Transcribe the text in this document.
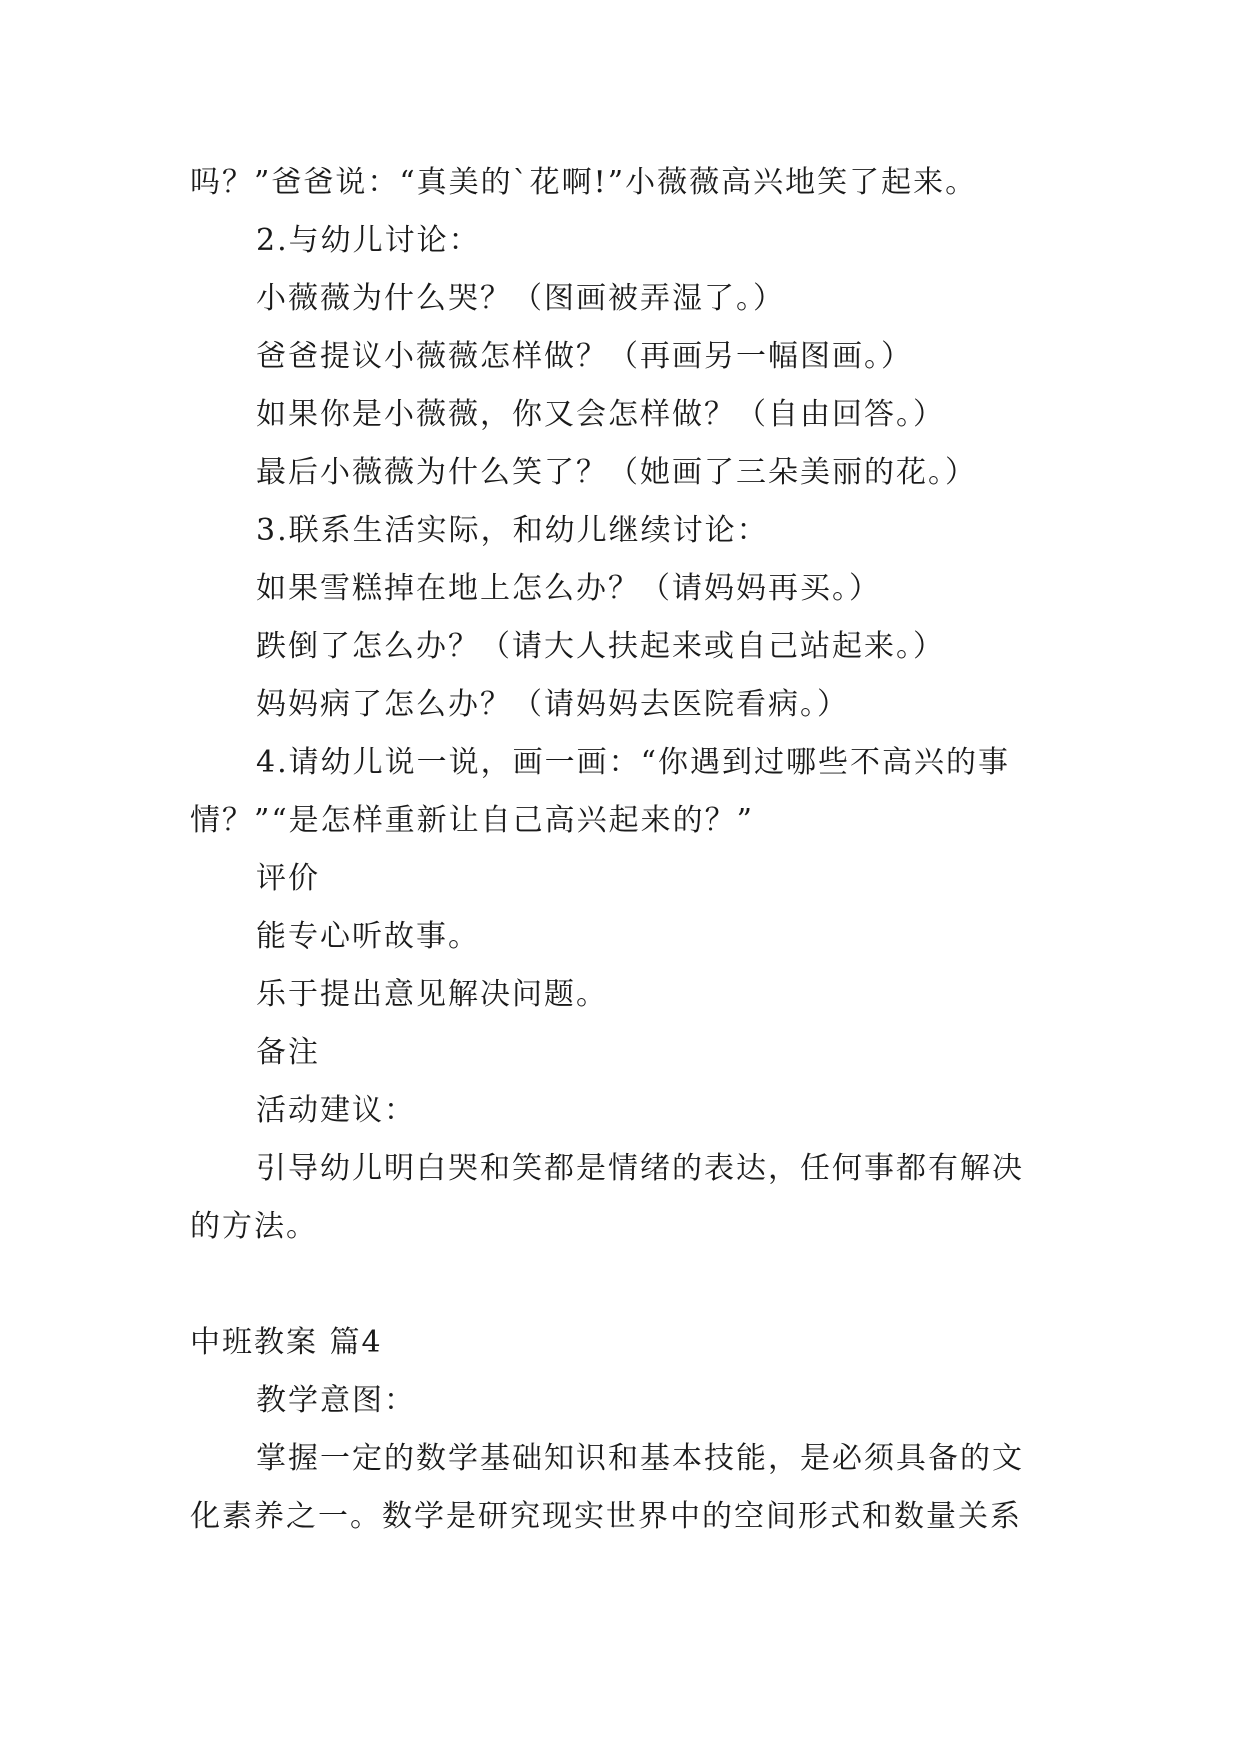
吗？”爸爸说：“真美的`花啊!”小薇薇高兴地笑了起来。

2.与幼儿讨论：

小薇薇为什么哭？（图画被弄湿了。）

爸爸提议小薇薇怎样做？（再画另一幅图画。）

如果你是小薇薇，你又会怎样做？（自由回答。）

最后小薇薇为什么笑了？（她画了三朵美丽的花。）

3.联系生活实际，和幼儿继续讨论：

如果雪糕掉在地上怎么办？（请妈妈再买。）

跌倒了怎么办？（请大人扶起来或自己站起来。）

妈妈病了怎么办？（请妈妈去医院看病。）

4.请幼儿说一说，画一画：“你遇到过哪些不高兴的事情？”“是怎样重新让自己高兴起来的？”

评价

能专心听故事。

乐于提出意见解决问题。

备注

活动建议：

引导幼儿明白哭和笑都是情绪的表达，任何事都有解决的方法。

中班教案 篇4

教学意图：

掌握一定的数学基础知识和基本技能，是必须具备的文化素养之一。数学是研究现实世界中的空间形式和数量关系
